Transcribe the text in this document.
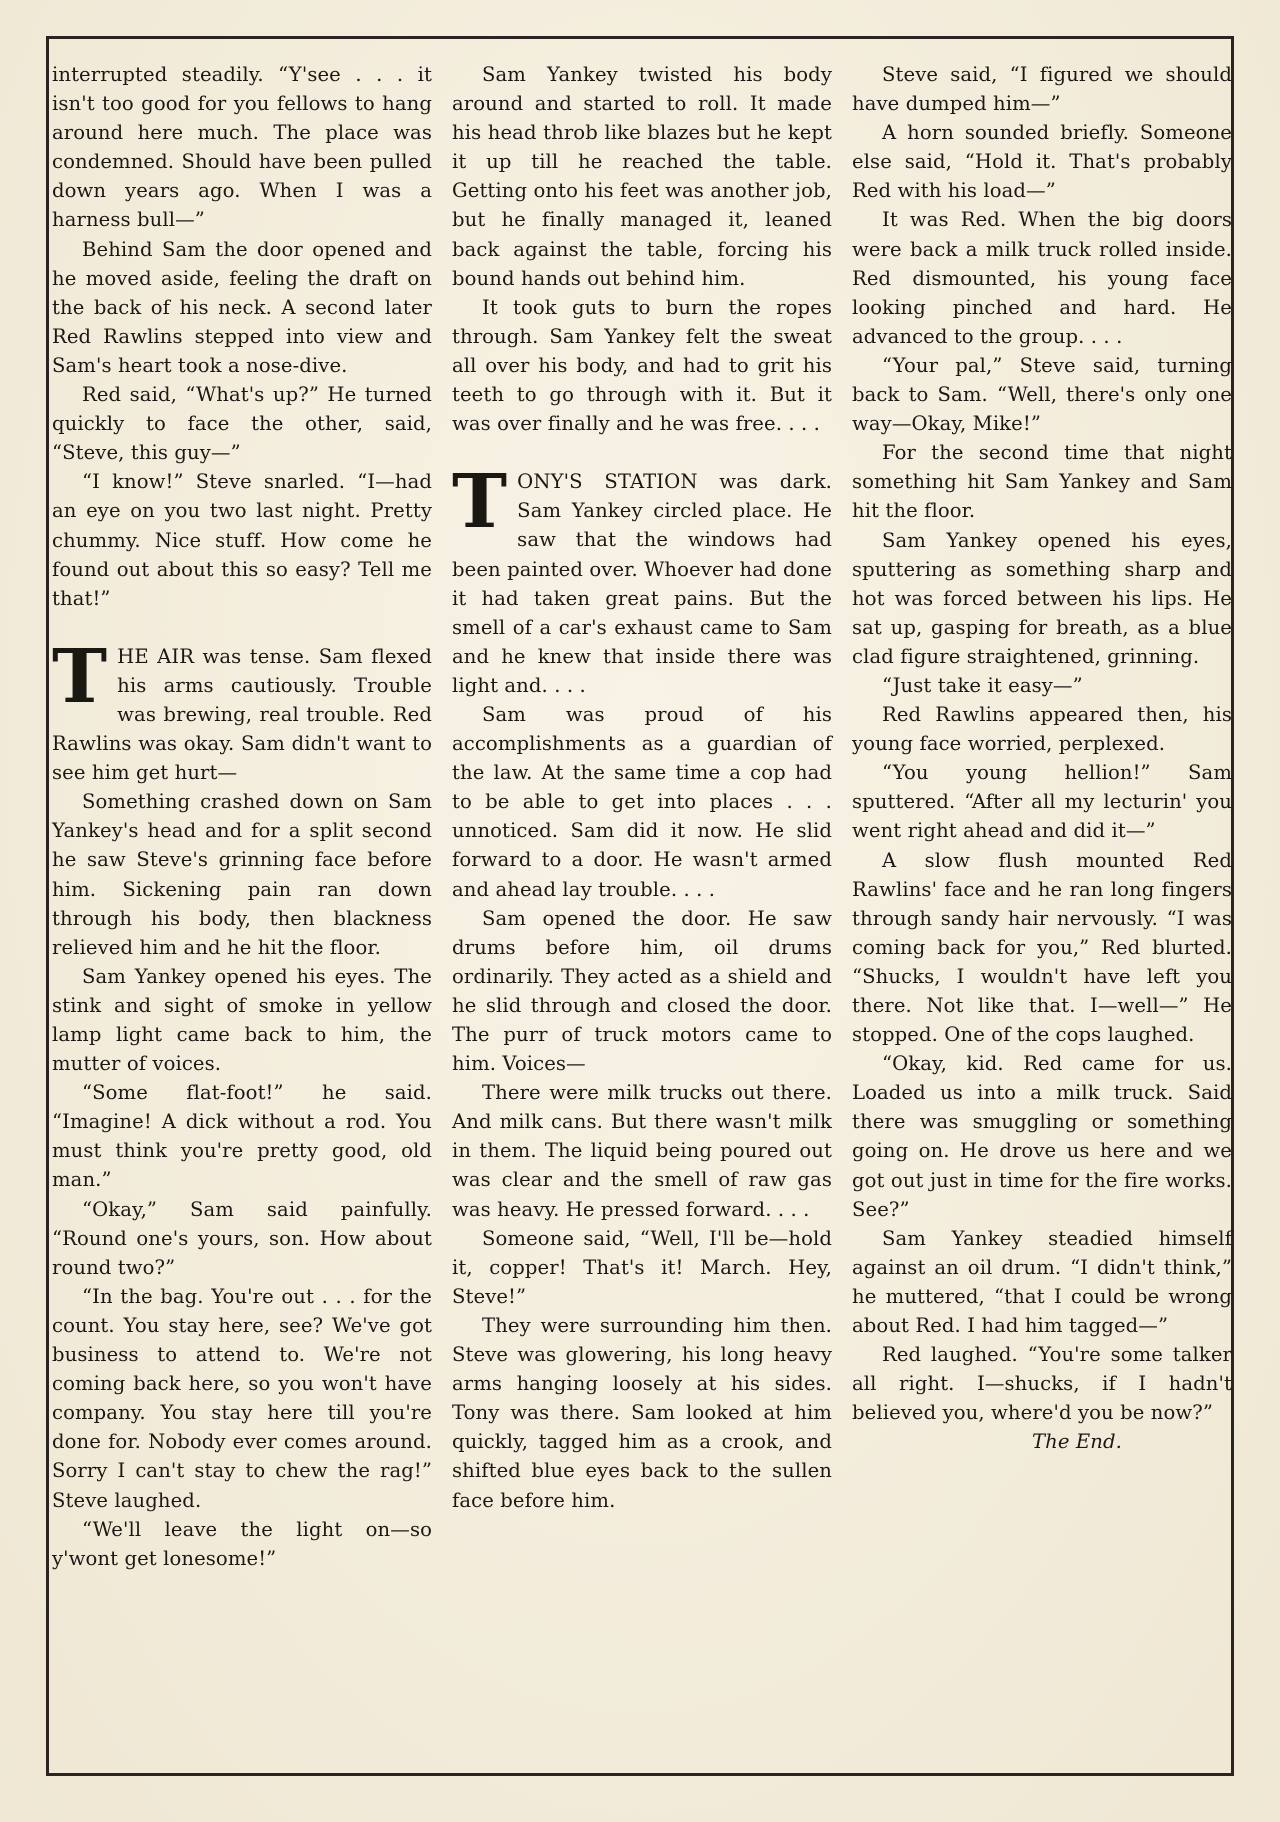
interrupted steadily. “Y'see . . . it isn't too good for you fellows to hang around here much. The place was condemned. Should have been pulled down years ago. When I was a harness bull—”

Behind Sam the door opened and he moved aside, feeling the draft on the back of his neck. A second later Red Rawlins stepped into view and Sam's heart took a nose-dive.

Red said, “What's up?” He turned quickly to face the other, said, “Steve, this guy—”

“I know!” Steve snarled. “I—had an eye on you two last night. Pretty chummy. Nice stuff. How come he found out about this so easy? Tell me that!”

THE AIR was tense. Sam flexed his arms cautiously. Trouble was brewing, real trouble. Red Rawlins was okay. Sam didn't want to see him get hurt—

Something crashed down on Sam Yankey's head and for a split second he saw Steve's grinning face before him. Sickening pain ran down through his body, then blackness relieved him and he hit the floor.

Sam Yankey opened his eyes. The stink and sight of smoke in yellow lamp light came back to him, the mutter of voices.

“Some flat-foot!” he said. “Imagine! A dick without a rod. You must think you're pretty good, old man.”

“Okay,” Sam said painfully. “Round one's yours, son. How about round two?”

“In the bag. You're out . . . for the count. You stay here, see? We've got business to attend to. We're not coming back here, so you won't have company. You stay here till you're done for. Nobody ever comes around. Sorry I can't stay to chew the rag!” Steve laughed.

“We'll leave the light on—so y'wont get lonesome!”

Sam Yankey twisted his body around and started to roll. It made his head throb like blazes but he kept it up till he reached the table. Getting onto his feet was another job, but he finally managed it, leaned back against the table, forcing his bound hands out behind him.

It took guts to burn the ropes through. Sam Yankey felt the sweat all over his body, and had to grit his teeth to go through with it. But it was over finally and he was free. . . .

TONY'S STATION was dark. Sam Yankey circled place. He saw that the windows had been painted over. Whoever had done it had taken great pains. But the smell of a car's exhaust came to Sam and he knew that inside there was light and. . . .

Sam was proud of his accomplishments as a guardian of the law. At the same time a cop had to be able to get into places . . . unnoticed. Sam did it now. He slid forward to a door. He wasn't armed and ahead lay trouble. . . .

Sam opened the door. He saw drums before him, oil drums ordinarily. They acted as a shield and he slid through and closed the door. The purr of truck motors came to him. Voices—

There were milk trucks out there. And milk cans. But there wasn't milk in them. The liquid being poured out was clear and the smell of raw gas was heavy. He pressed forward. . . .

Someone said, “Well, I'll be—hold it, copper! That's it! March. Hey, Steve!”

They were surrounding him then. Steve was glowering, his long heavy arms hanging loosely at his sides. Tony was there. Sam looked at him quickly, tagged him as a crook, and shifted blue eyes back to the sullen face before him.

Steve said, “I figured we should have dumped him—”

A horn sounded briefly. Someone else said, “Hold it. That's probably Red with his load—”

It was Red. When the big doors were back a milk truck rolled inside. Red dismounted, his young face looking pinched and hard. He advanced to the group. . . .

“Your pal,” Steve said, turning back to Sam. “Well, there's only one way—Okay, Mike!”

For the second time that night something hit Sam Yankey and Sam hit the floor.

Sam Yankey opened his eyes, sputtering as something sharp and hot was forced between his lips. He sat up, gasping for breath, as a blue clad figure straightened, grinning.

“Just take it easy—”

Red Rawlins appeared then, his young face worried, perplexed.

“You young hellion!” Sam sputtered. “After all my lecturin' you went right ahead and did it—”

A slow flush mounted Red Rawlins' face and he ran long fingers through sandy hair nervously. “I was coming back for you,” Red blurted. “Shucks, I wouldn't have left you there. Not like that. I—well—” He stopped. One of the cops laughed.

“Okay, kid. Red came for us. Loaded us into a milk truck. Said there was smuggling or something going on. He drove us here and we got out just in time for the fire works. See?”

Sam Yankey steadied himself against an oil drum. “I didn't think,” he muttered, “that I could be wrong about Red. I had him tagged—”

Red laughed. “You're some talker all right. I—shucks, if I hadn't believed you, where'd you be now?”

The End.
